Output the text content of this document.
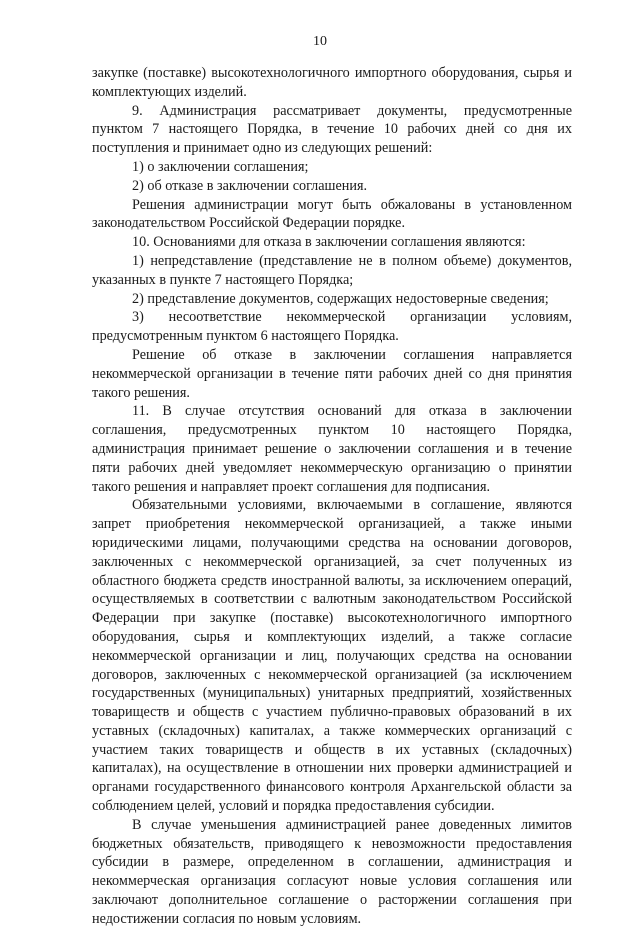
10

закупке (поставке) высокотехнологичного импортного оборудования, сырья и комплектующих изделий.

9. Администрация рассматривает документы, предусмотренные пунктом 7 настоящего Порядка, в течение 10 рабочих дней со дня их поступления и принимает одно из следующих решений:

1) о заключении соглашения;

2) об отказе в заключении соглашения.

Решения администрации могут быть обжалованы в установленном законодательством Российской Федерации порядке.

10. Основаниями для отказа в заключении соглашения являются:

1) непредставление (представление не в полном объеме) документов, указанных в пункте 7 настоящего Порядка;

2) представление документов, содержащих недостоверные сведения;

3) несоответствие некоммерческой организации условиям, предусмотренным пунктом 6 настоящего Порядка.

Решение об отказе в заключении соглашения направляется некоммерческой организации в течение пяти рабочих дней со дня принятия такого решения.

11. В случае отсутствия оснований для отказа в заключении соглашения, предусмотренных пунктом 10 настоящего Порядка, администрация принимает решение о заключении соглашения и в течение пяти рабочих дней уведомляет некоммерческую организацию о принятии такого решения и направляет проект соглашения для подписания.

Обязательными условиями, включаемыми в соглашение, являются запрет приобретения некоммерческой организацией, а также иными юридическими лицами, получающими средства на основании договоров, заключенных с некоммерческой организацией, за счет полученных из областного бюджета средств иностранной валюты, за исключением операций, осуществляемых в соответствии с валютным законодательством Российской Федерации при закупке (поставке) высокотехнологичного импортного оборудования, сырья и комплектующих изделий, а также согласие некоммерческой организации и лиц, получающих средства на основании договоров, заключенных с некоммерческой организацией (за исключением государственных (муниципальных) унитарных предприятий, хозяйственных товариществ и обществ с участием публично-правовых образований в их уставных (складочных) капиталах, а также коммерческих организаций с участием таких товариществ и обществ в их уставных (складочных) капиталах), на осуществление в отношении них проверки администрацией и органами государственного финансового контроля Архангельской области за соблюдением целей, условий и порядка предоставления субсидии.

В случае уменьшения администрацией ранее доведенных лимитов бюджетных обязательств, приводящего к невозможности предоставления субсидии в размере, определенном в соглашении, администрация и некоммерческая организация согласуют новые условия соглашения или заключают дополнительное соглашение о расторжении соглашения при недостижении согласия по новым условиям.
